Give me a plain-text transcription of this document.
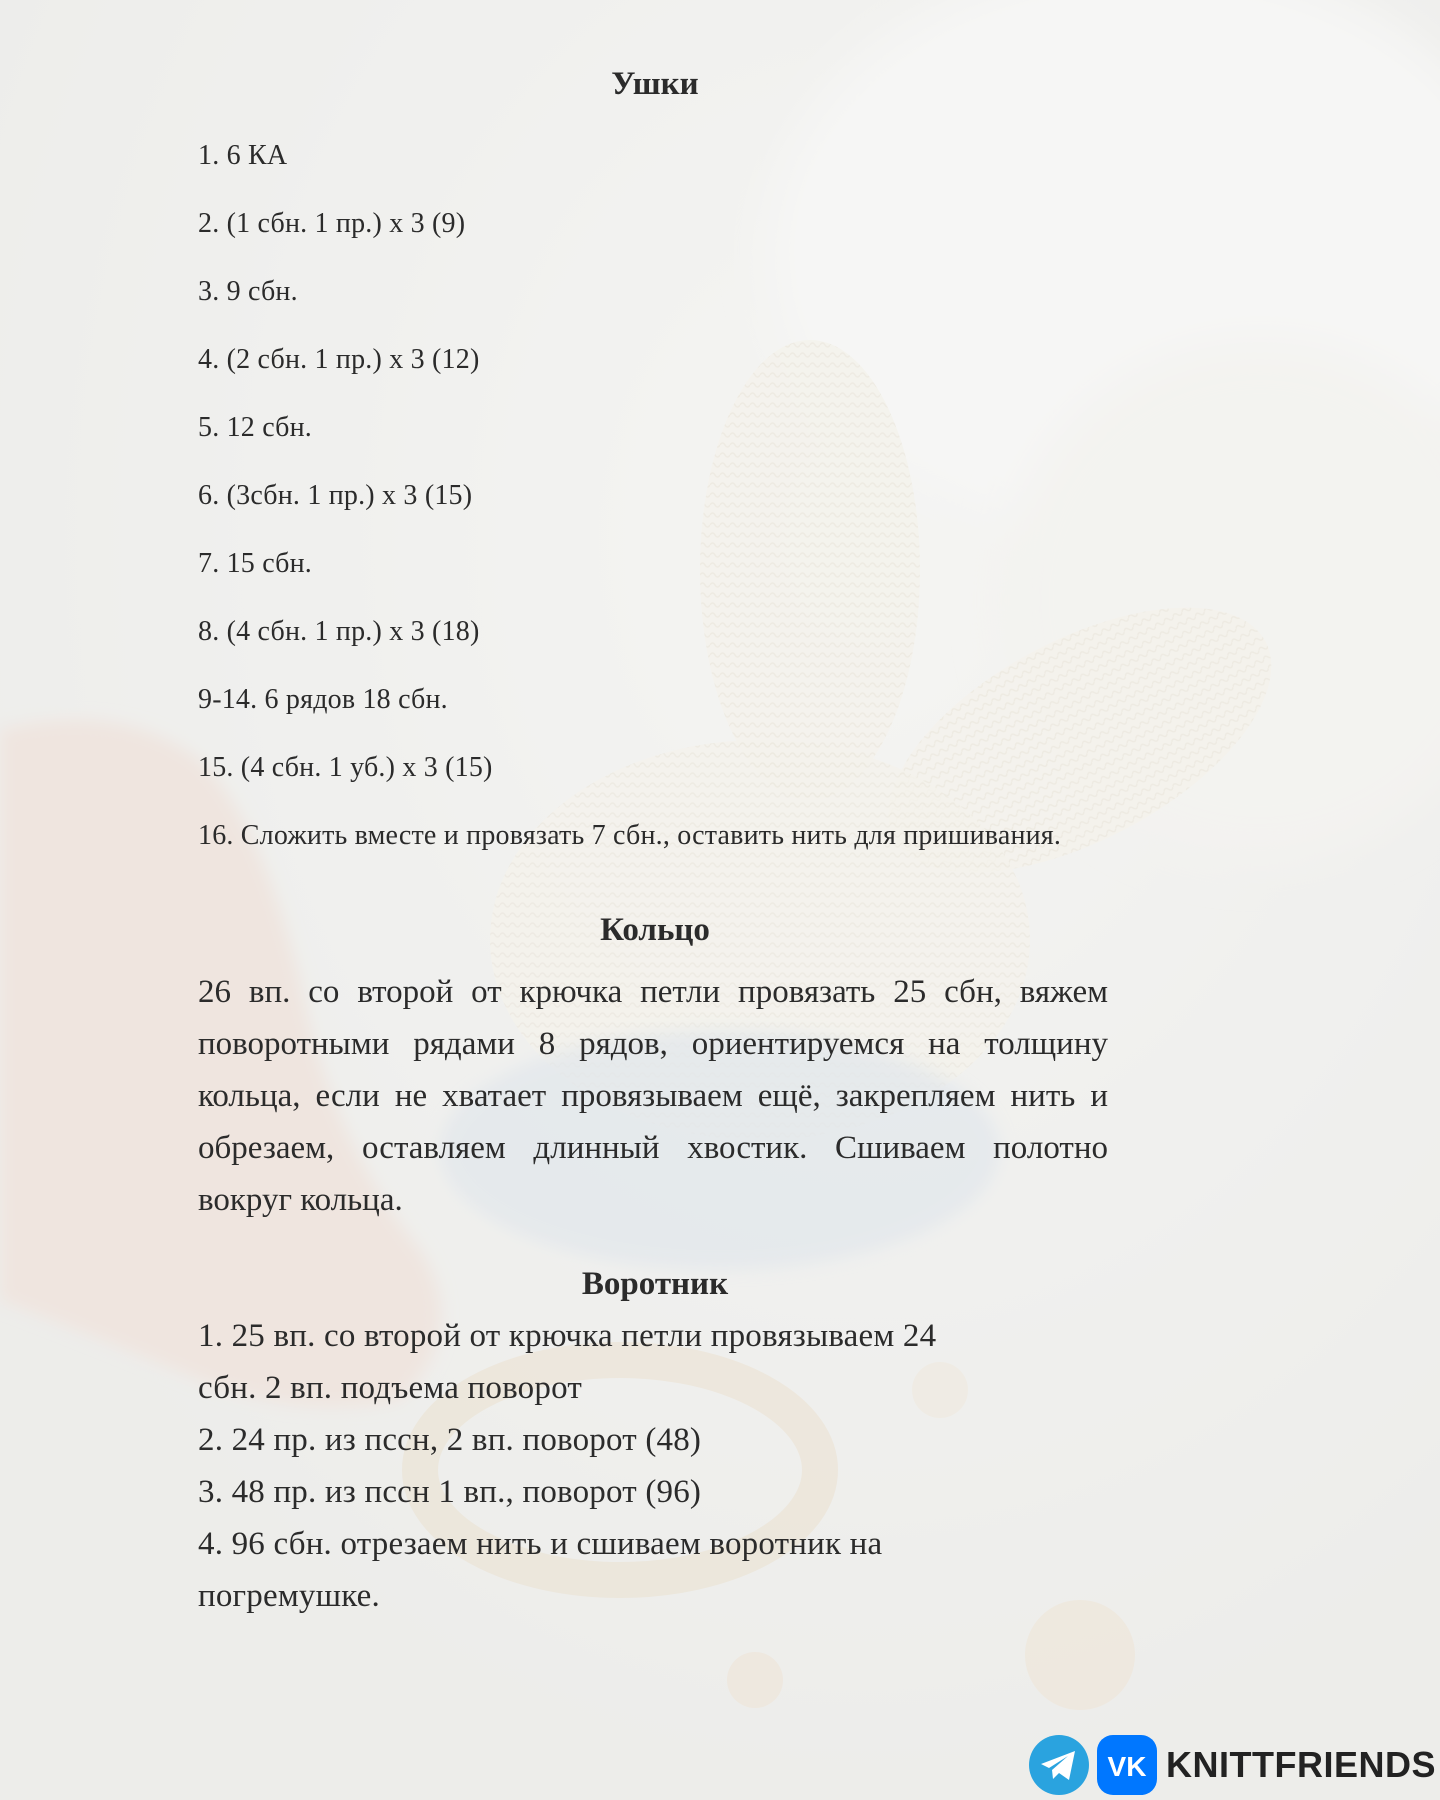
Ушки
1. 6 КА
2. (1 сбн. 1 пр.) х 3 (9)
3. 9 сбн.
4. (2 сбн. 1 пр.) х 3 (12)
5. 12 сбн.
6. (3сбн. 1 пр.) х 3 (15)
7. 15 сбн.
8. (4 сбн. 1 пр.) х 3 (18)
9-14. 6 рядов 18 сбн.
15. (4 сбн. 1 уб.) х 3 (15)
16. Сложить вместе и провязать 7 сбн., оставить нить для пришивания.
Кольцо
26 вп. со второй от крючка петли провязать 25 сбн, вяжем поворотными рядами 8 рядов, ориентируемся на толщину кольца, если не хватает провязываем ещё, закрепляем нить и обрезаем, оставляем длинный хвостик. Сшиваем полотно вокруг кольца.
Воротник
1. 25 вп. со второй от крючка петли провязываем 24
сбн. 2 вп. подъема поворот
2. 24 пр. из пссн, 2 вп. поворот (48)
3. 48 пр. из пссн 1 вп., поворот (96)
4. 96 сбн. отрезаем нить и сшиваем воротник на
погремушке.
VK KNITTFRIENDS
